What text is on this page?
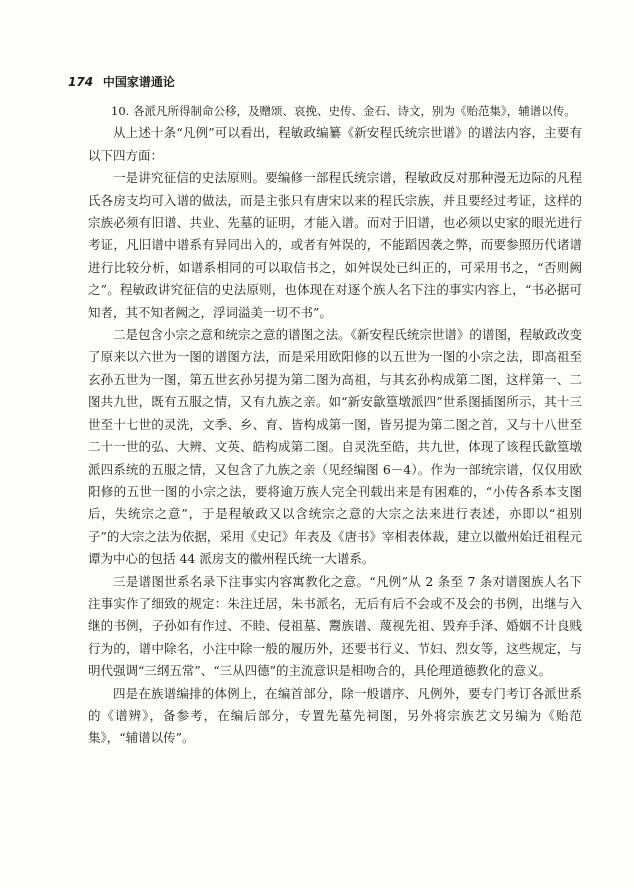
174 中国家谱通论

10. 各派凡所得制命公移，及赠颂、哀挽、史传、金石、诗文，别为《贻范集》，辅谱以传。

从上述十条“凡例”可以看出，程敏政编纂《新安程氏统宗世谱》的谱法内容，主要有以下四方面：

一是讲究征信的史法原则。要编修一部程氏统宗谱，程敏政反对那种漫无边际的凡程氏各房支均可入谱的做法，而是主张只有唐宋以来的程氏宗族，并且要经过考证，这样的宗族必须有旧谱、共业、先墓的证明，才能入谱。而对于旧谱，也必须以史家的眼光进行考证，凡旧谱中谱系有异同出入的，或者有舛误的，不能蹈因袭之弊，而要参照历代诸谱进行比较分析，如谱系相同的可以取信书之，如舛误处已纠正的，可采用书之，“否则阙之”。程敏政讲究征信的史法原则，也体现在对逐个族人名下注的事实内容上，“书必据可知者，其不知者阙之，浮词溢美一切不书”。

二是包含小宗之意和统宗之意的谱图之法。《新安程氏统宗世谱》的谱图，程敏政改变了原来以六世为一图的谱图方法，而是采用欧阳修的以五世为一图的小宗之法，即高祖至玄孙五世为一图，第五世玄孙另提为第二图为高祖，与其玄孙构成第二图，这样第一、二图共九世，既有五服之情，又有九族之亲。如“新安歙篁墩派四”世系图插图所示，其十三世至十七世的灵洗，文季、乡、育、皆构成第一图，皆另提为第二图之首，又与十八世至二十一世的弘、大辨、文英、皓构成第二图。自灵洗至皓，共九世，体现了该程氏歙篁墩派四系统的五服之情，又包含了九族之亲（见经编图 6－4）。作为一部统宗谱，仅仅用欧阳修的五世一图的小宗之法，要将逾万族人完全刊载出来是有困难的，“小传各系本支图后，失统宗之意”，于是程敏政又以含统宗之意的大宗之法来进行表述，亦即以“祖别子”的大宗之法为依据，采用《史记》年表及《唐书》宰相表体裁，建立以徽州始迁祖程元谭为中心的包括 44 派房支的徽州程氏统一大谱系。

三是谱图世系名录下注事实内容寓教化之意。“凡例”从 2 条至 7 条对谱图族人名下注事实作了细致的规定：朱注迁居，朱书派名，无后有后不会或不及会的书例，出继与入继的书例，子孙如有作过、不睦、侵祖墓、鬻族谱、蔑视先祖、毁弃手泽、婚姻不计良贱行为的，谱中除名，小注中除一般的履历外，还要书行义、节妇、烈女等，这些规定，与明代强调“三纲五常”、“三从四德”的主流意识是相吻合的，具伦理道德教化的意义。

四是在族谱编排的体例上，在编首部分，除一般谱序、凡例外，要专门考订各派世系的《谱辨》，备参考，在编后部分，专置先墓先祠图，另外将宗族艺文另编为《贻范集》，“辅谱以传”。
